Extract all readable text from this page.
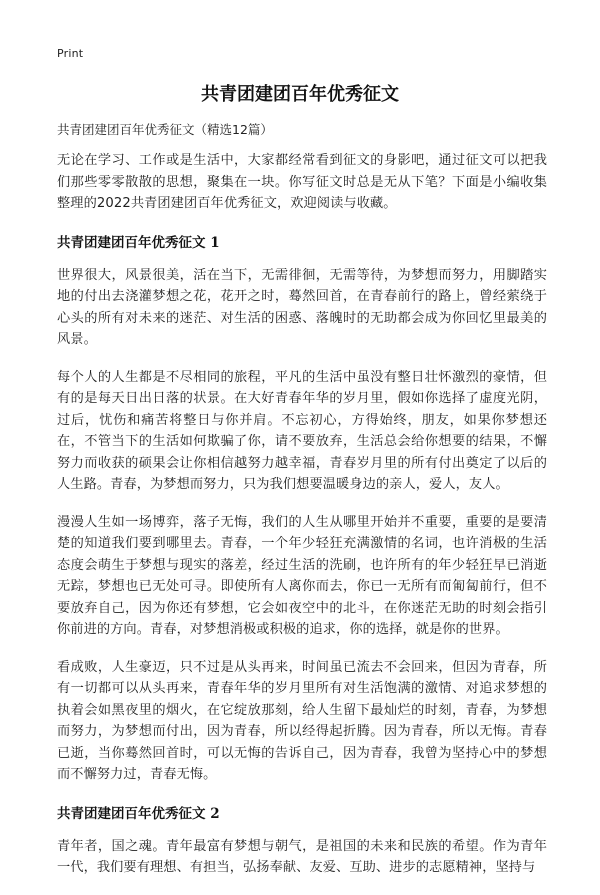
Print
共青团建团百年优秀征文
共青团建团百年优秀征文（精选12篇）

无论在学习、工作或是生活中，大家都经常看到征文的身影吧，通过征文可以把我们那些零零散散的思想，聚集在一块。你写征文时总是无从下笔？下面是小编收集整理的2022共青团建团百年优秀征文，欢迎阅读与收藏。

共青团建团百年优秀征文 1

世界很大，风景很美，活在当下，无需徘徊，无需等待，为梦想而努力，用脚踏实地的付出去浇灌梦想之花，花开之时，蓦然回首，在青春前行的路上，曾经萦绕于心头的所有对未来的迷茫、对生活的困惑、落魄时的无助都会成为你回忆里最美的风景。

每个人的人生都是不尽相同的旅程，平凡的生活中虽没有整日壮怀激烈的豪情，但有的是每天日出日落的状景。在大好青春年华的岁月里，假如你选择了虚度光阴，过后，忧伤和痛苦将整日与你并肩。不忘初心，方得始终，朋友，如果你梦想还在，不管当下的生活如何欺骗了你，请不要放弃，生活总会给你想要的结果，不懈努力而收获的硕果会让你相信越努力越幸福，青春岁月里的所有付出奠定了以后的人生路。青春，为梦想而努力，只为我们想要温暖身边的亲人，爱人，友人。

漫漫人生如一场博弈，落子无悔，我们的人生从哪里开始并不重要，重要的是要清楚的知道我们要到哪里去。青春，一个年少轻狂充满激情的名词，也许消极的生活态度会萌生于梦想与现实的落差，经过生活的洗刷，也许所有的年少轻狂早已消逝无踪，梦想也已无处可寻。即使所有人离你而去，你已一无所有而匍匐前行，但不要放弃自己，因为你还有梦想，它会如夜空中的北斗，在你迷茫无助的时刻会指引你前进的方向。青春，对梦想消极或积极的追求，你的选择，就是你的世界。

看成败，人生豪迈，只不过是从头再来，时间虽已流去不会回来，但因为青春，所有一切都可以从头再来，青春年华的岁月里所有对生活饱满的激情、对追求梦想的执着会如黑夜里的烟火，在它绽放那刻，给人生留下最灿烂的时刻，青春，为梦想而努力，为梦想而付出，因为青春，所以经得起折腾。因为青春，所以无悔。青春已逝，当你蓦然回首时，可以无悔的告诉自己，因为青春，我曾为坚持心中的梦想而不懈努力过，青春无悔。

共青团建团百年优秀征文 2

青年者，国之魂。青年最富有梦想与朝气，是祖国的未来和民族的希望。作为青年一代，我们要有理想、有担当，弘扬奉献、友爱、互助、进步的志愿精神，坚持与
